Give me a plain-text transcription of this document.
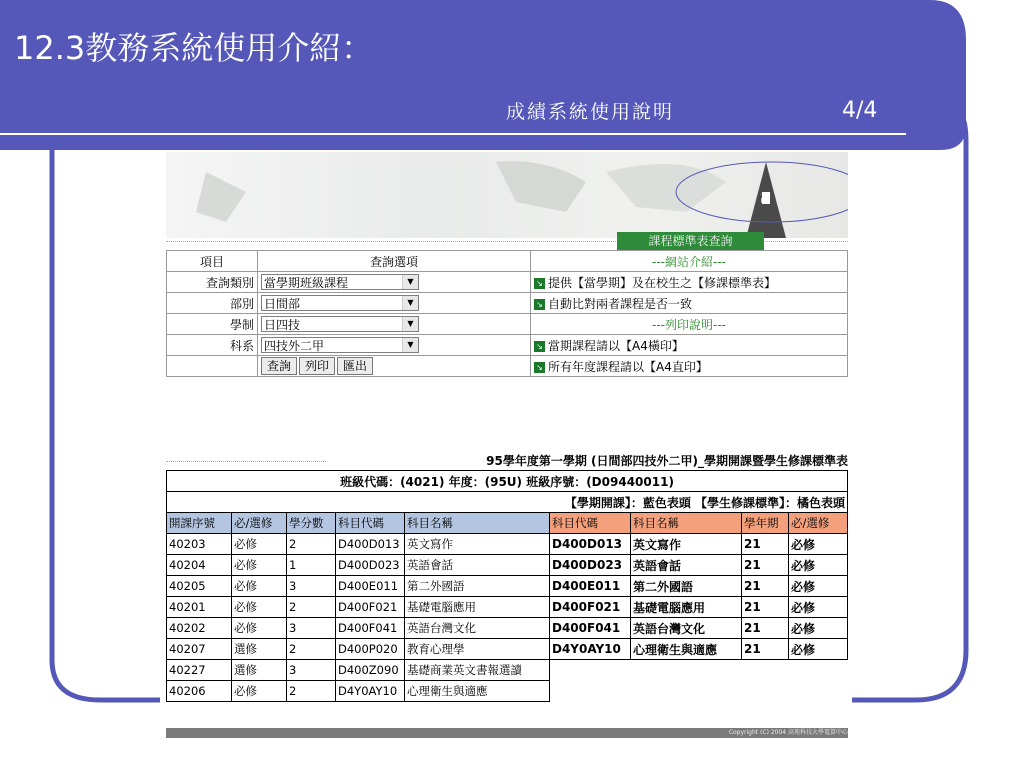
12.3教務系統使用介紹：
成績系統使用說明	4/4
高
課程標準表查詢
項目	查詢選項	---網站介紹---
查詢類別	當學期班級課程 ▼	↘ 提供【當學期】及在校生之【修課標準表】
部別	日間部 ▼	↘ 自動比對兩者課程是否一致
學制	日四技 ▼	---列印說明---
科系	四技外二甲 ▼	↘ 當期課程請以【A4橫印】
	查詢 列印 匯出	↘ 所有年度課程請以【A4直印】
95學年度第一學期 (日間部四技外二甲)_學期開課暨學生修課標準表
班級代碼：(4021) 年度：(95U) 班級序號：(D09440011)								
【學期開課】：藍色表頭 【學生修課標準】：橘色表頭								
開課序號	必/選修	學分數	科目代碼	科目名稱	科目代碼	科目名稱	學年期	必/選修
40203	必修	2	D400D013	英文寫作	D400D013	英文寫作	21	必修
40204	必修	1	D400D023	英語會話	D400D023	英語會話	21	必修
40205	必修	3	D400E011	第二外國語	D400E011	第二外國語	21	必修
40201	必修	2	D400F021	基礎電腦應用	D400F021	基礎電腦應用	21	必修
40202	必修	3	D400F041	英語台灣文化	D400F041	英語台灣文化	21	必修
40207	選修	2	D400P020	教育心理學	D4Y0AY10	心理衛生與適應	21	必修
40227	選修	3	D400Z090	基礎商業英文書報選讀				
40206	必修	2	D4Y0AY10	心理衛生與適應				
Copyright (C) 2004 高苑科技大學電算中心
